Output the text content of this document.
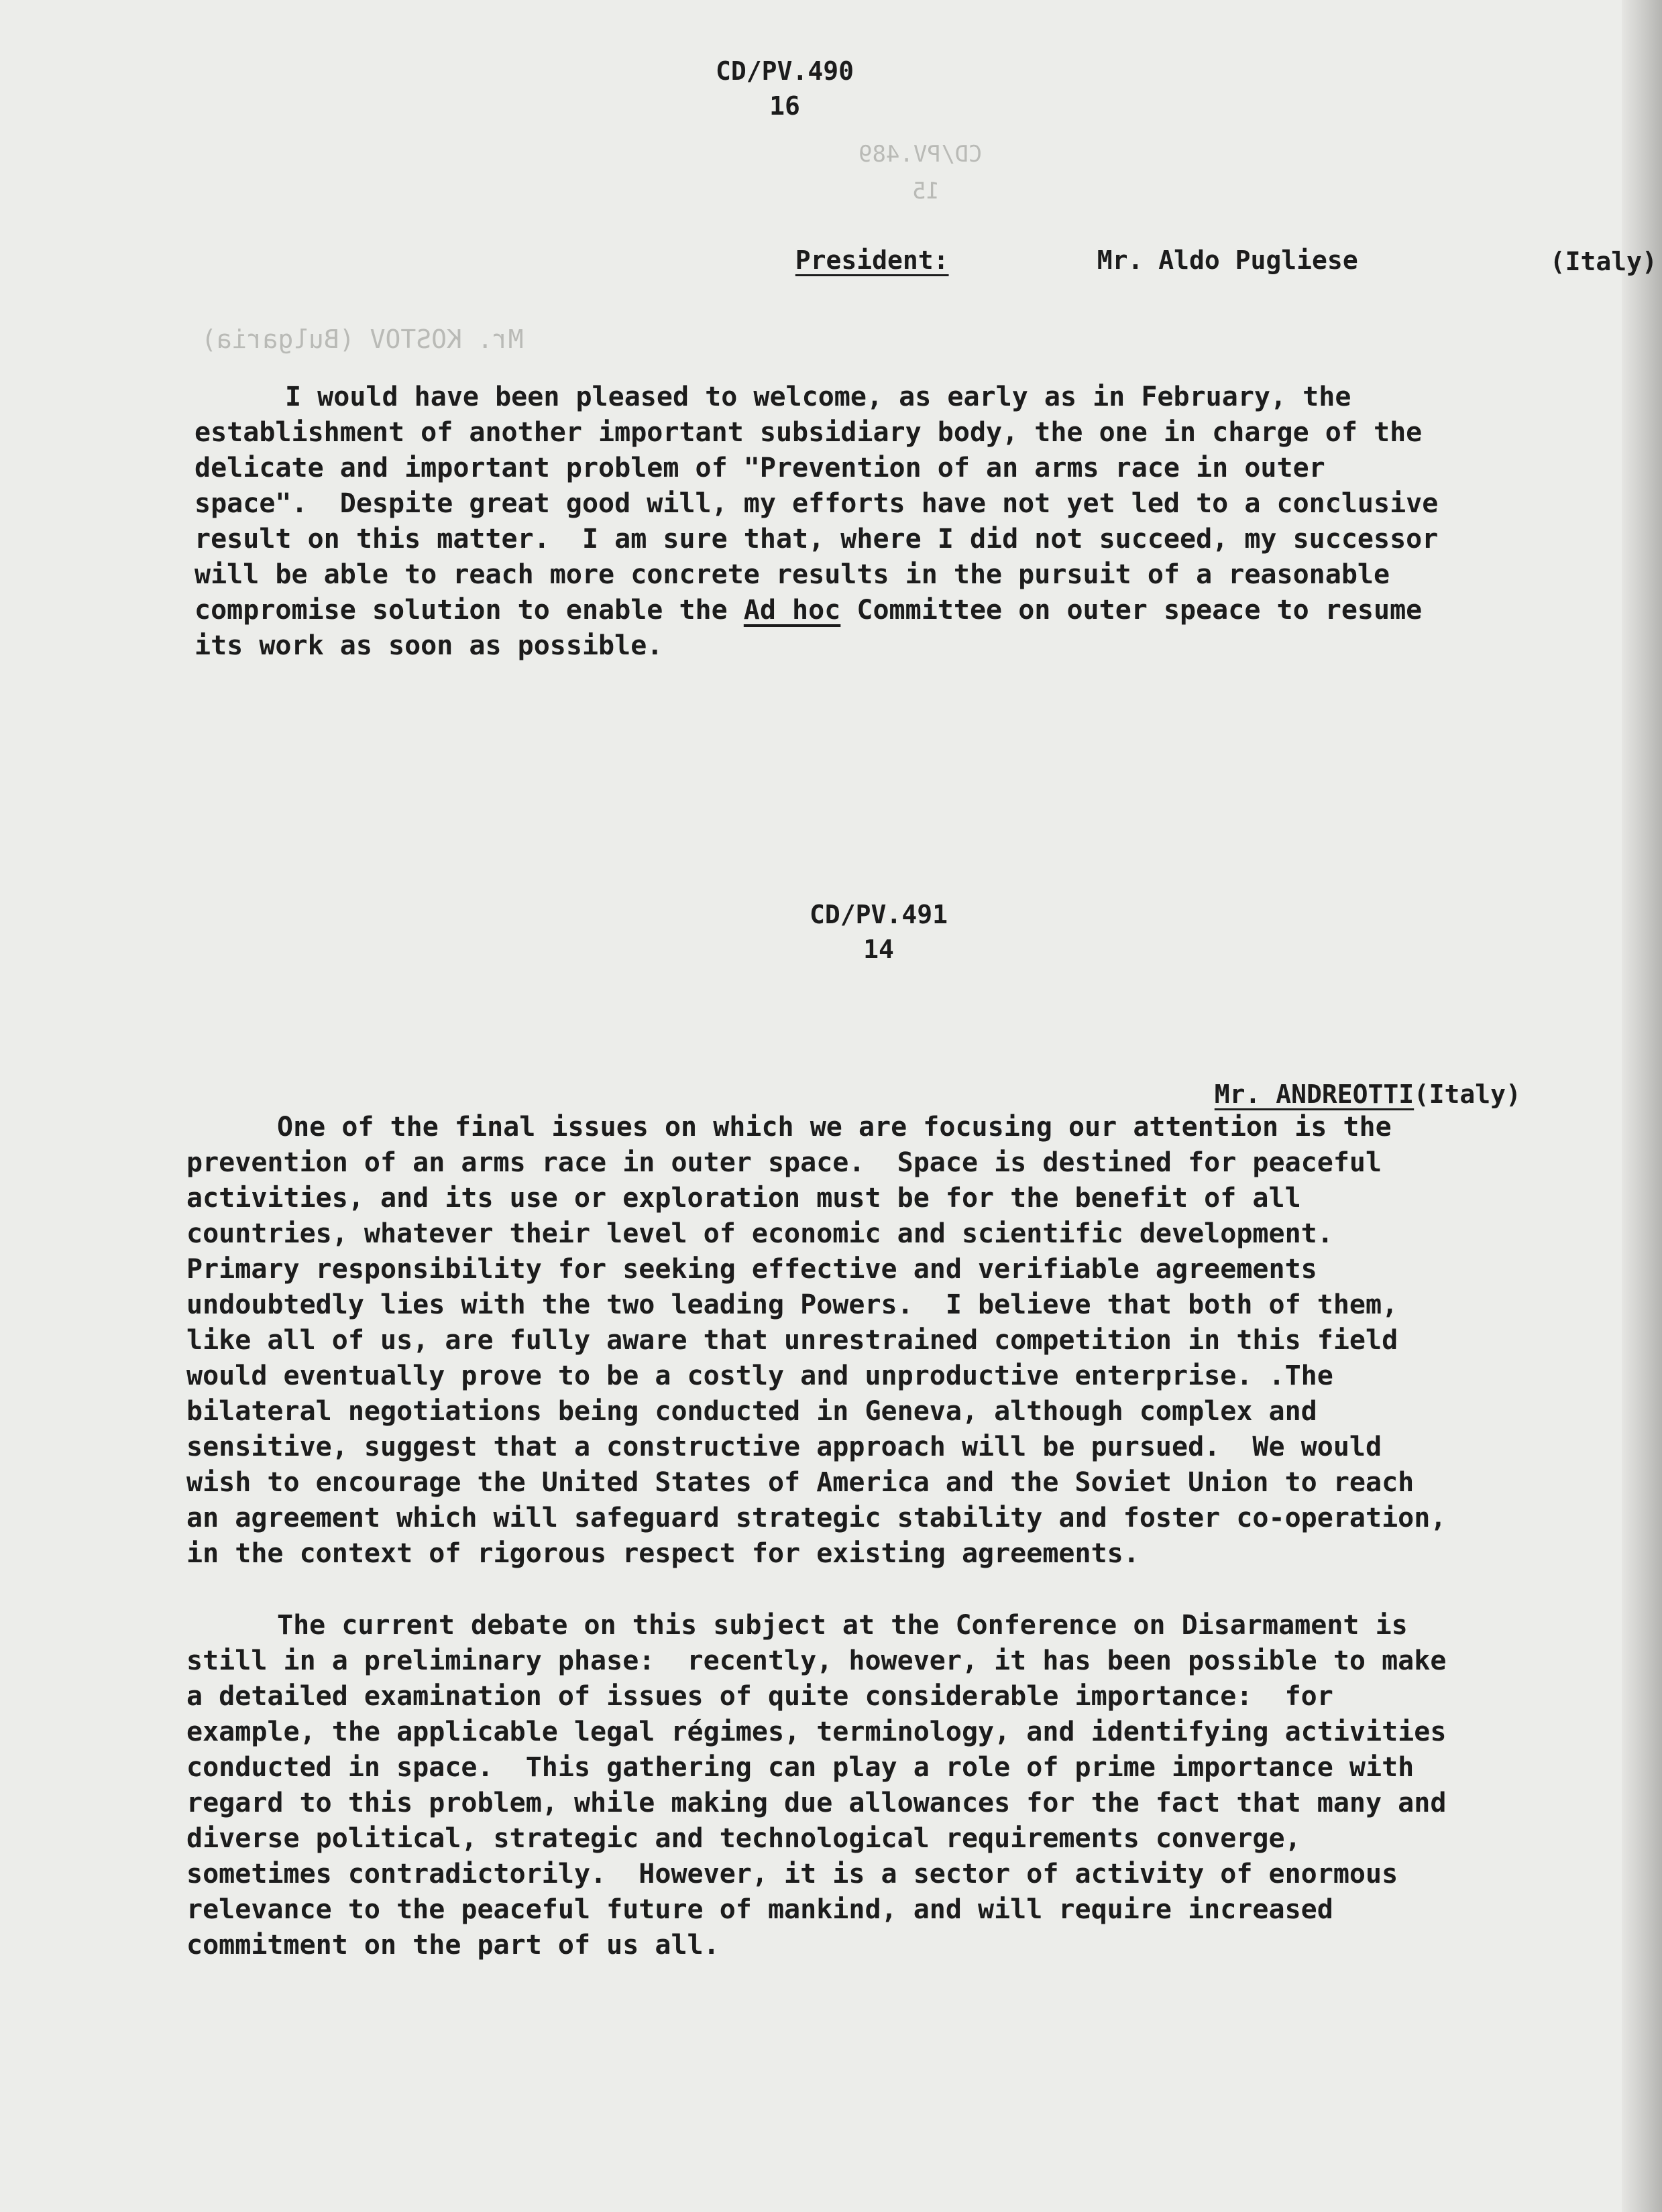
CD/PV.489

15

Mr. KOSTOV (Bulgaria)

CD/PV.490
16

President:	Mr. Aldo Pugliese	(Italy)

I would have been pleased to welcome, as early as in February, the
establishment of another important subsidiary body, the one in charge of the
delicate and important problem of "Prevention of an arms race in outer
space".  Despite great good will, my efforts have not yet led to a conclusive
result on this matter.  I am sure that, where I did not succeed, my successor
will be able to reach more concrete results in the pursuit of a reasonable
compromise solution to enable the Ad hoc Committee on outer speace to resume
its work as soon as possible.
CD/PV.491
14

Mr. ANDREOTTI (Italy)

One of the final issues on which we are focusing our attention is the
prevention of an arms race in outer space.  Space is destined for peaceful
activities, and its use or exploration must be for the benefit of all
countries, whatever their level of economic and scientific development.
Primary responsibility for seeking effective and verifiable agreements
undoubtedly lies with the two leading Powers.  I believe that both of them,
like all of us, are fully aware that unrestrained competition in this field
would eventually prove to be a costly and unproductive enterprise. .The
bilateral negotiations being conducted in Geneva, although complex and
sensitive, suggest that a constructive approach will be pursued.  We would
wish to encourage the United States of America and the Soviet Union to reach
an agreement which will safeguard strategic stability and foster co-operation,
in the context of rigorous respect for existing agreements.
The current debate on this subject at the Conference on Disarmament is
still in a preliminary phase:  recently, however, it has been possible to make
a detailed examination of issues of quite considerable importance:  for
example, the applicable legal régimes, terminology, and identifying activities
conducted in space.  This gathering can play a role of prime importance with
regard to this problem, while making due allowances for the fact that many and
diverse political, strategic and technological requirements converge,
sometimes contradictorily.  However, it is a sector of activity of enormous
relevance to the peaceful future of mankind, and will require increased
commitment on the part of us all.
